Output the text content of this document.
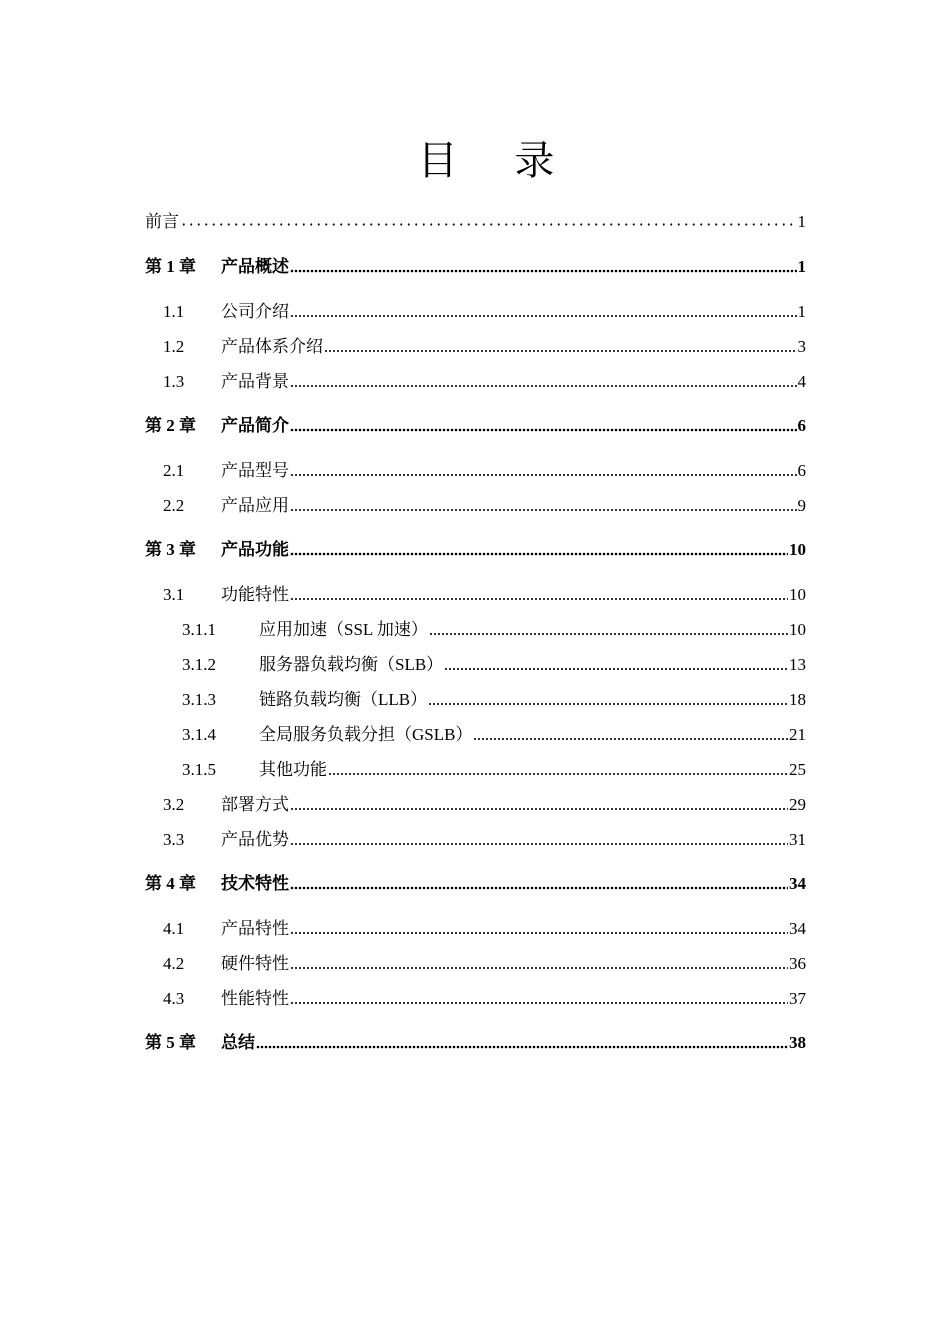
目 录
前言	1
第 1 章	产品概述	1
1.1	公司介绍	1
1.2	产品体系介绍	3
1.3	产品背景	4
第 2 章	产品简介	6
2.1	产品型号	6
2.2	产品应用	9
第 3 章	产品功能	10
3.1	功能特性	10
3.1.1	应用加速（SSL 加速）	10
3.1.2	服务器负载均衡（SLB）	13
3.1.3	链路负载均衡（LLB）	18
3.1.4	全局服务负载分担（GSLB）	21
3.1.5	其他功能	25
3.2	部署方式	29
3.3	产品优势	31
第 4 章	技术特性	34
4.1	产品特性	34
4.2	硬件特性	36
4.3	性能特性	37
第 5 章	总结	38
